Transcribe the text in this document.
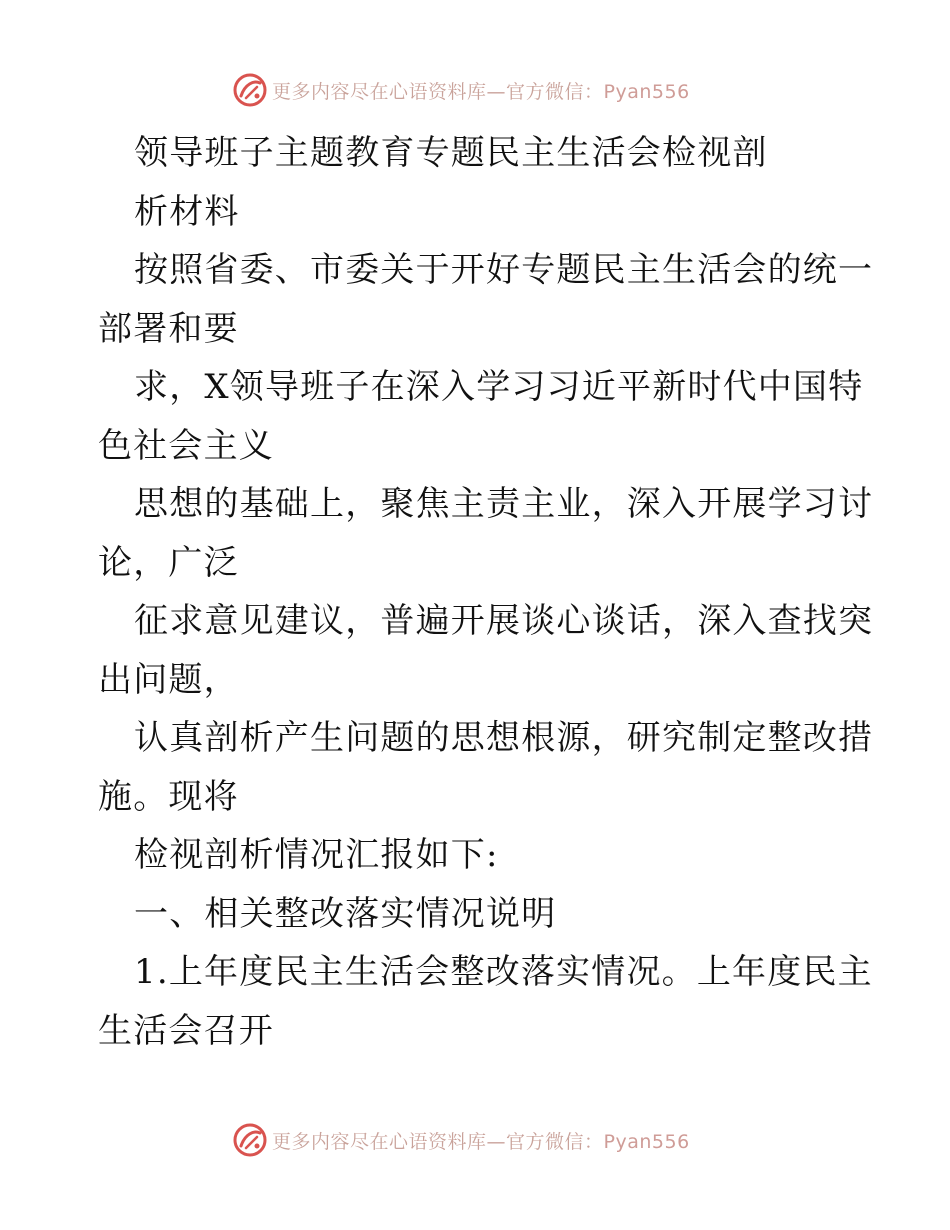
更多内容尽在心语资料库—官方微信：Pyan556
领导班子主题教育专题民主生活会检视剖
析材料
按照省委、市委关于开好专题民主生活会的统一
部署和要
求，X领导班子在深入学习习近平新时代中国特
色社会主义
思想的基础上，聚焦主责主业，深入开展学习讨
论，广泛
征求意见建议，普遍开展谈心谈话，深入查找突
出问题，
认真剖析产生问题的思想根源，研究制定整改措
施。现将
检视剖析情况汇报如下:
一、相关整改落实情况说明
1.上年度民主生活会整改落实情况。上年度民主
生活会召开
更多内容尽在心语资料库—官方微信：Pyan556
